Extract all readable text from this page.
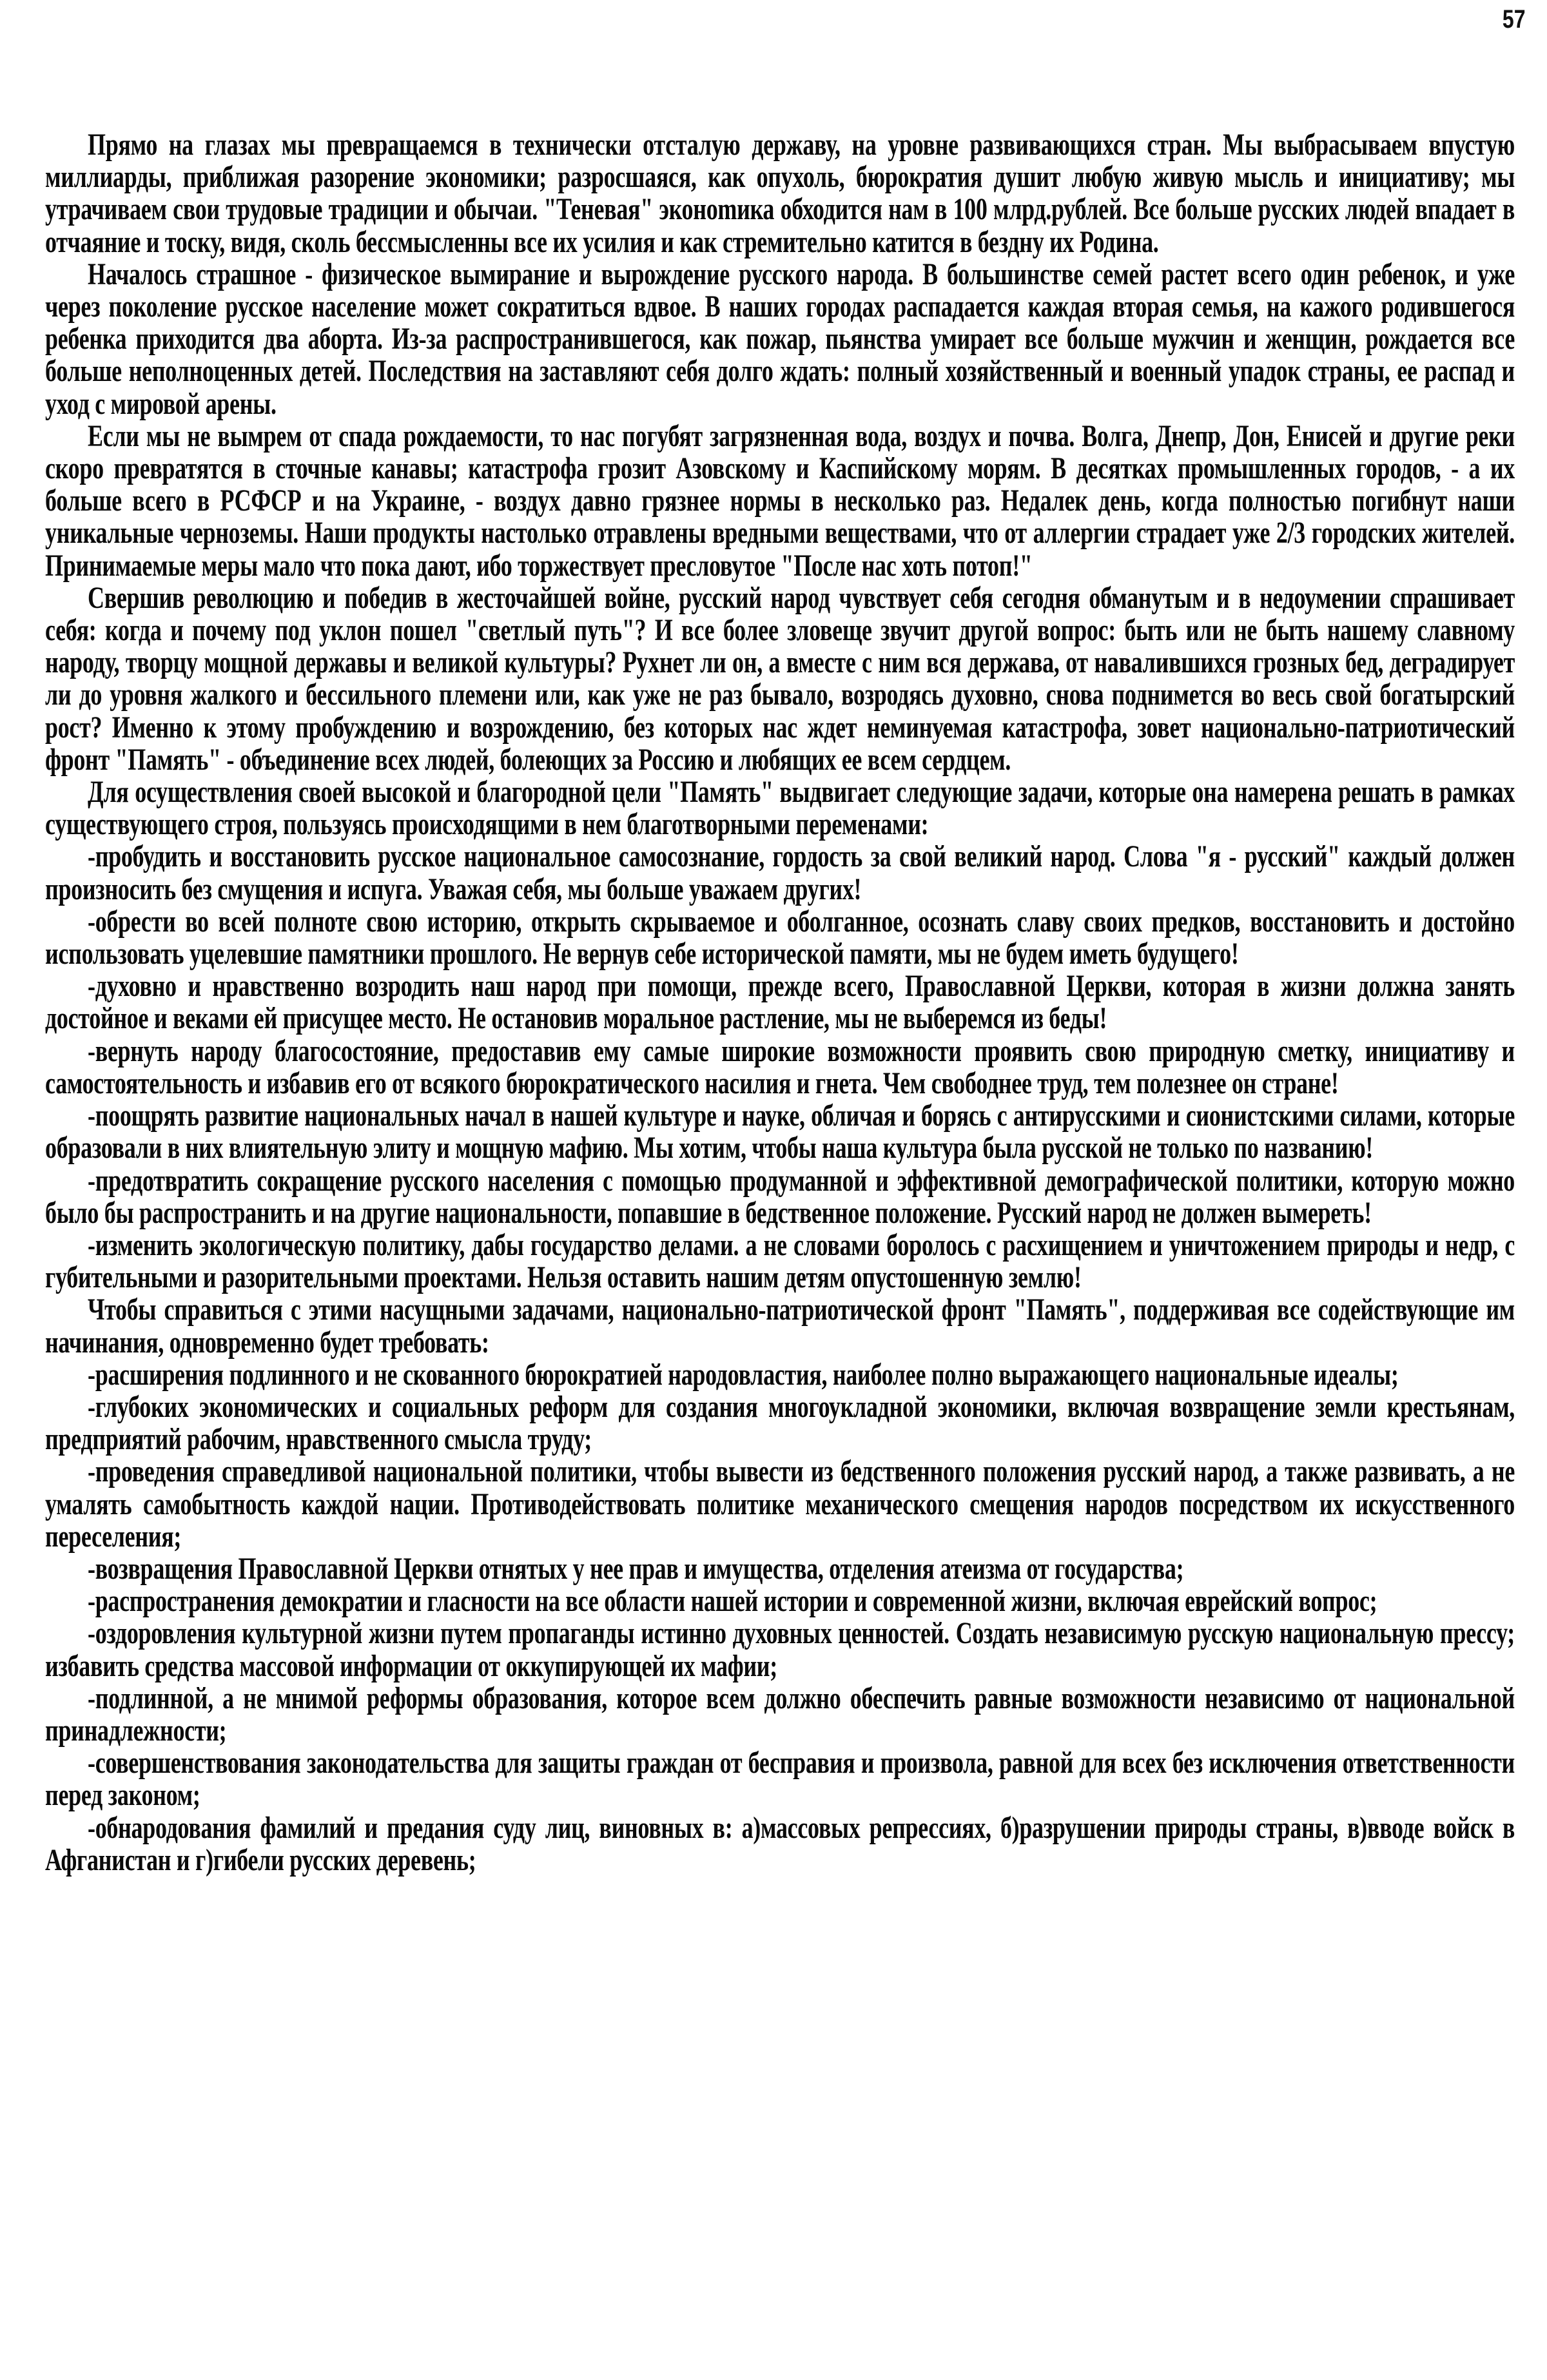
57

Прямо на глазах мы превращаемся в технически отсталую державу, на уровне развивающихся стран. Мы выбрасываем впустую миллиарды, приближая разорение экономики; разросшаяся, как опухоль, бюрократия душит любую живую мысль и инициативу; мы утрачиваем свои трудовые традиции и обычаи. "Теневая" эконоmика обходится нам в 100 млрд.рублей. Все больше русских людей впадает в отчаяние и тоску, видя, сколь бессмысленны все их усилия и как стремительно катится в бездну их Родина.

Началось страшное - физическое вымирание и вырождение русского народа. В большинстве семей растет всего один ребенок, и уже через поколение русское население может сократиться вдвое. В наших городах распадается каждая вторая семья, на кажого родившегося ребенка приходится два аборта. Из-за распространившегося, как пожар, пьянства умирает все больше мужчин и женщин, рождается все больше неполноценных детей. Последствия на заставляют себя долго ждать: полный хозяйственный и военный упадок страны, ее распад и уход с мировой арены.

Если мы не вымрем от спада рождаемости, то нас погубят загрязненная вода, воздух и почва. Волга, Днепр, Дон, Енисей и другие реки скоро превратятся в сточные канавы; катастрофа грозит Азовскому и Каспийскому морям. В десятках промышленных городов, - а их больше всего в РСФСР и на Украине, - воздух давно грязнее нормы в несколько раз. Недалек день, когда полностью погибнут наши уникальные черноземы. Наши продукты настолько отравлены вредными веществами, что от аллергии страдает уже 2/3 городских жителей. Принимаемые меры мало что пока дают, ибо торжествует пресловутое "После нас хоть потоп!"

Свершив революцию и победив в жесточайшей войне, русский народ чувствует себя сегодня обманутым и в недоумении спрашивает себя: когда и почему под уклон пошел "светлый путь"? И все более зловеще звучит другой вопрос: быть или не быть нашему славному народу, творцу мощной державы и великой культуры? Рухнет ли он, а вместе с ним вся держава, от навалившихся грозных бед, деградирует ли до уровня жалкого и бессильного племени или, как уже не раз бывало, возродясь духовно, снова поднимется во весь свой богатырский рост? Именно к этому пробуждению и возрождению, без которых нас ждет неминуемая катастрофа, зовет национально-патриотический фронт "Память" - объединение всех людей, болеющих за Россию и любящих ее всем сердцем.

Для осуществления своей высокой и благородной цели "Память" выдвигает следующие задачи, которые она намерена решать в рамках существующего строя, пользуясь происходящими в нем благотворными переменами:

-пробудить и восстановить русское национальное самосознание, гордость за свой великий народ. Слова "я - русский" каждый должен произносить без смущения и испуга. Уважая себя, мы больше уважаем других!

-обрести во всей полноте свою историю, открыть скрываемое и оболганное, осознать славу своих предков, восстановить и достойно использовать уцелевшие памятники прошлого. Не вернув себе исторической памяти, мы не будем иметь будущего!

-духовно и нравственно возродить наш народ при помощи, прежде всего, Православной Церкви, которая в жизни должна занять достойное и веками ей присущее место. Не остановив моральное растление, мы не выберемся из беды!

-вернуть народу благосостояние, предоставив ему самые широкие возможности проявить свою природную сметку, инициативу и самостоятельность и избавив его от всякого бюрократического насилия и гнета. Чем свободнее труд, тем полезнее он стране!

-поощрять развитие национальных начал в нашей культуре и науке, обличая и борясь с антирусскими и сионистскими силами, которые образовали в них влиятельную элиту и мощную мафию. Мы хотим, чтобы наша культура была русской не только по названию!

-предотвратить сокращение русского населения с помощью продуманной и эффективной демографической политики, которую можно было бы распространить и на другие национальности, попавшие в бедственное положение. Русский народ не должен вымереть!

-изменить экологическую политику, дабы государство делами. а не словами боролось с расхищением и уничтожением природы и недр, с губительными и разорительными проектами. Нельзя оставить нашим детям опустошенную землю!

Чтобы справиться с этими насущными задачами, национально-патриотической фронт "Память", поддерживая все содействующие им начинания, одновременно будет требовать:

-расширения подлинного и не скованного бюрократией народовластия, наиболее полно выражающего национальные идеалы;

-глубоких экономических и социальных реформ для создания многоукладной экономики, включая возвращение земли крестьянам, предприятий рабочим, нравственного смысла труду;

-проведения справедливой национальной политики, чтобы вывести из бедственного положения русский народ, а также развивать, а не умалять самобытность каждой нации. Противодействовать политике механического смещения народов посредством их искусственного переселения;

-возвращения Православной Церкви отнятых у нее прав и имущества, отделения атеизма от государства;

-распространения демократии и гласности на все области нашей истории и современной жизни, включая еврейский вопрос;

-оздоровления культурной жизни путем пропаганды истинно духовных ценностей. Создать независимую русскую национальную прессу; избавить средства массовой информации от оккупирующей их мафии;

-подлинной, а не мнимой реформы образования, которое всем должно обеспечить равные возможности независимо от национальной принадлежности;

-совершенствования законодательства для защиты граждан от бесправия и произвола, равной для всех без исключения ответственности перед законом;

-обнародования фамилий и предания суду лиц, виновных в: а)массовых репрессиях, б)разрушении природы страны, в)вводе войск в Афганистан и г)гибели русских деревень;
